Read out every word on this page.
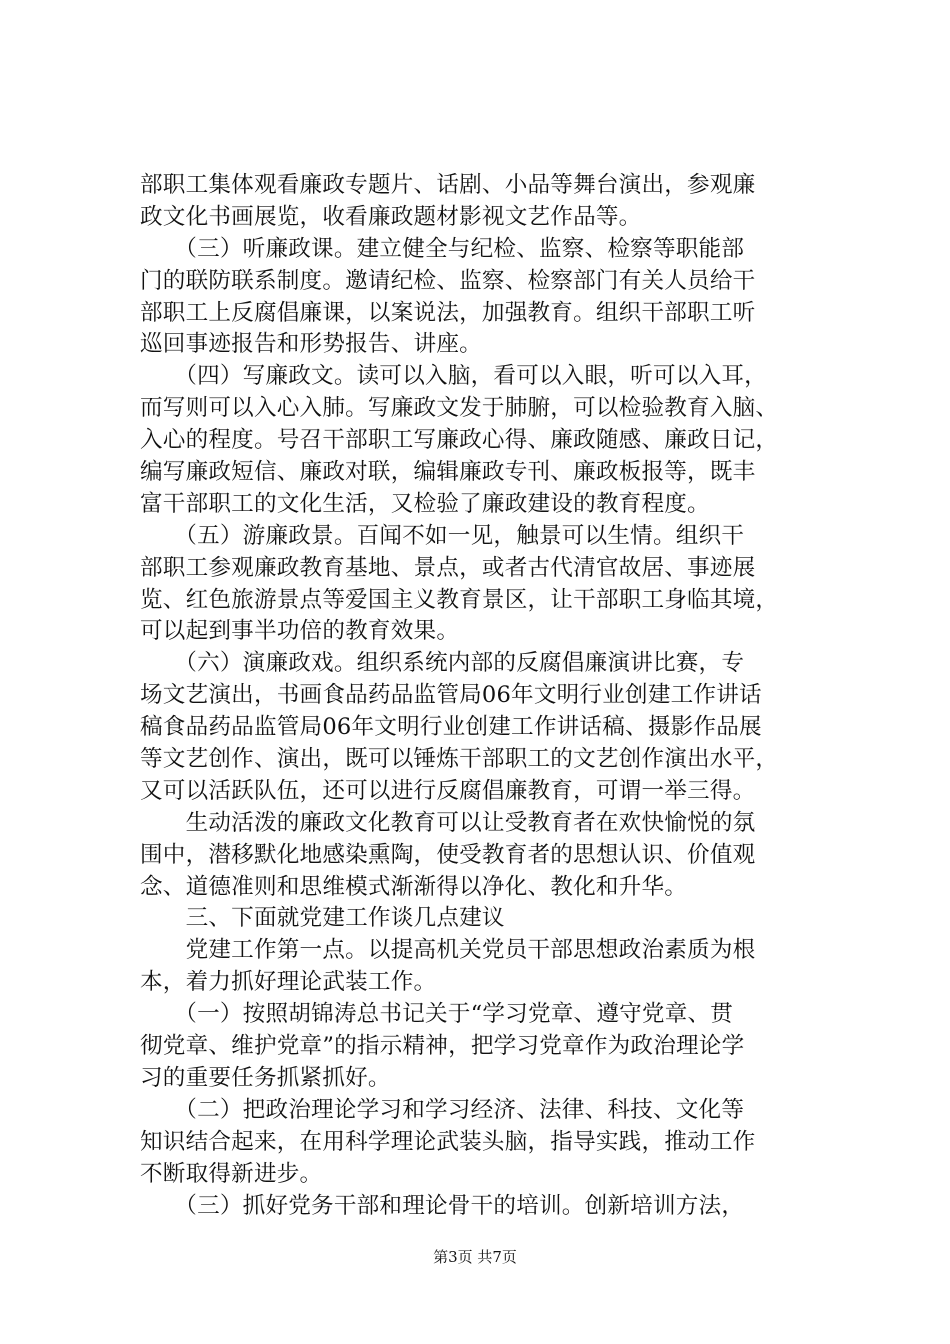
部职工集体观看廉政专题片、话剧、小品等舞台演出，参观廉
政文化书画展览，收看廉政题材影视文艺作品等。
　　（三）听廉政课。建立健全与纪检、监察、检察等职能部
门的联防联系制度。邀请纪检、监察、检察部门有关人员给干
部职工上反腐倡廉课，以案说法，加强教育。组织干部职工听
巡回事迹报告和形势报告、讲座。
　　（四）写廉政文。读可以入脑，看可以入眼，听可以入耳，
而写则可以入心入肺。写廉政文发于肺腑，可以检验教育入脑、
入心的程度。号召干部职工写廉政心得、廉政随感、廉政日记，
编写廉政短信、廉政对联，编辑廉政专刊、廉政板报等，既丰
富干部职工的文化生活，又检验了廉政建设的教育程度。
　　（五）游廉政景。百闻不如一见，触景可以生情。组织干
部职工参观廉政教育基地、景点，或者古代清官故居、事迹展
览、红色旅游景点等爱国主义教育景区，让干部职工身临其境，
可以起到事半功倍的教育效果。
　　（六）演廉政戏。组织系统内部的反腐倡廉演讲比赛，专
场文艺演出，书画食品药品监管局06年文明行业创建工作讲话
稿食品药品监管局06年文明行业创建工作讲话稿、摄影作品展
等文艺创作、演出，既可以锤炼干部职工的文艺创作演出水平，
又可以活跃队伍，还可以进行反腐倡廉教育，可谓一举三得。
　　生动活泼的廉政文化教育可以让受教育者在欢快愉悦的氛
围中，潜移默化地感染熏陶，使受教育者的思想认识、价值观
念、道德准则和思维模式渐渐得以净化、教化和升华。
　　三、下面就党建工作谈几点建议
　　党建工作第一点。以提高机关党员干部思想政治素质为根
本，着力抓好理论武装工作。
　　（一）按照胡锦涛总书记关于“学习党章、遵守党章、贯
彻党章、维护党章”的指示精神，把学习党章作为政治理论学
习的重要任务抓紧抓好。
　　（二）把政治理论学习和学习经济、法律、科技、文化等
知识结合起来，在用科学理论武装头脑，指导实践，推动工作
不断取得新进步。
　　（三）抓好党务干部和理论骨干的培训。创新培训方法，
第3页 共7页
